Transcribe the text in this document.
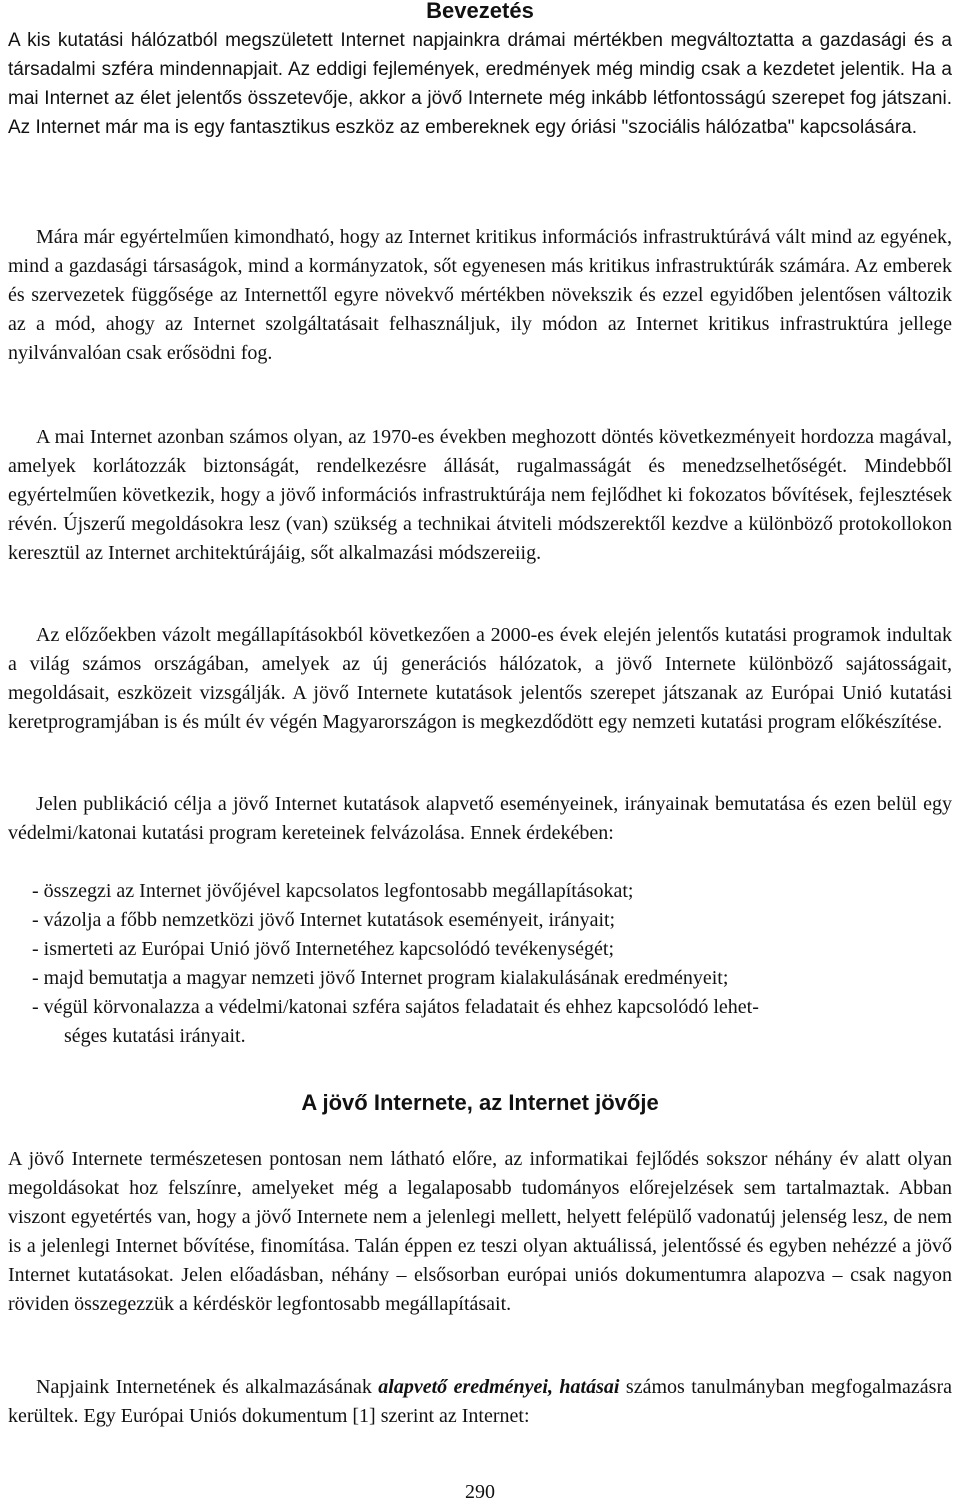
Bevezetés

A kis kutatási hálózatból megszületett Internet napjainkra drámai mértékben megváltoztatta a gazdasági és a társadalmi szféra mindennapjait. Az eddigi fejlemények, eredmények még mindig csak a kezdetet jelentik. Ha a mai Internet az élet jelentős összetevője, akkor a jövő Internete még inkább létfontosságú szerepet fog játszani. Az Internet már ma is egy fantasztikus eszköz az embereknek egy óriási "szociális hálózatba" kapcsolására.

Mára már egyértelműen kimondható, hogy az Internet kritikus információs infrastruktúrává vált mind az egyének, mind a gazdasági társaságok, mind a kormányzatok, sőt egyenesen más kritikus infrastruktúrák számára. Az emberek és szervezetek függősége az Internettől egyre növekvő mértékben növekszik és ezzel egyidőben jelentősen változik az a mód, ahogy az Internet szolgáltatásait felhasználjuk, ily módon az Internet kritikus infrastruktúra jellege nyilvánvalóan csak erősödni fog.

A mai Internet azonban számos olyan, az 1970-es években meghozott döntés következményeit hordozza magával, amelyek korlátozzák biztonságát, rendelkezésre állását, rugalmasságát és menedzselhetőségét. Mindebből egyértelműen következik, hogy a jövő információs infrastruktúrája nem fejlődhet ki fokozatos bővítések, fejlesztések révén. Újszerű megoldásokra lesz (van) szükség a technikai átviteli módszerektől kezdve a különböző protokollokon keresztül az Internet architektúrájáig, sőt alkalmazási módszereiig.

Az előzőekben vázolt megállapításokból következően a 2000-es évek elején jelentős kutatási programok indultak a világ számos országában, amelyek az új generációs hálózatok, a jövő Internete különböző sajátosságait, megoldásait, eszközeit vizsgálják. A jövő Internete kutatások jelentős szerepet játszanak az Európai Unió kutatási keretprogramjában is és múlt év végén Magyarországon is megkezdődött egy nemzeti kutatási program előkészítése.

Jelen publikáció célja a jövő Internet kutatások alapvető eseményeinek, irányainak bemutatása és ezen belül egy védelmi/katonai kutatási program kereteinek felvázolása. Ennek érdekében:

- összegzi az Internet jövőjével kapcsolatos legfontosabb megállapításokat;
- vázolja a főbb nemzetközi jövő Internet kutatások eseményeit, irányait;
- ismerteti az Európai Unió jövő Internetéhez kapcsolódó tevékenységét;
- majd bemutatja a magyar nemzeti jövő Internet program kialakulásának eredményeit;
- végül körvonalazza a védelmi/katonai szféra sajátos feladatait és ehhez kapcsolódó lehet-
séges kutatási irányait.
A jövő Internete, az Internet jövője

A jövő Internete természetesen pontosan nem látható előre, az informatikai fejlődés sokszor néhány év alatt olyan megoldásokat hoz felszínre, amelyeket még a legalaposabb tudományos előrejelzések sem tartalmaztak. Abban viszont egyetértés van, hogy a jövő Internete nem a jelenlegi mellett, helyett felépülő vadonatúj jelenség lesz, de nem is a jelenlegi Internet bővítése, finomítása. Talán éppen ez teszi olyan aktuálissá, jelentőssé és egyben nehézzé a jövő Internet kutatásokat. Jelen előadásban, néhány – elsősorban európai uniós dokumentumra alapozva – csak nagyon röviden összegezzük a kérdéskör legfontosabb megállapításait.

Napjaink Internetének és alkalmazásának alapvető eredményei, hatásai számos tanulmányban megfogalmazásra kerültek. Egy Európai Uniós dokumentum [1] szerint az Internet:

290
